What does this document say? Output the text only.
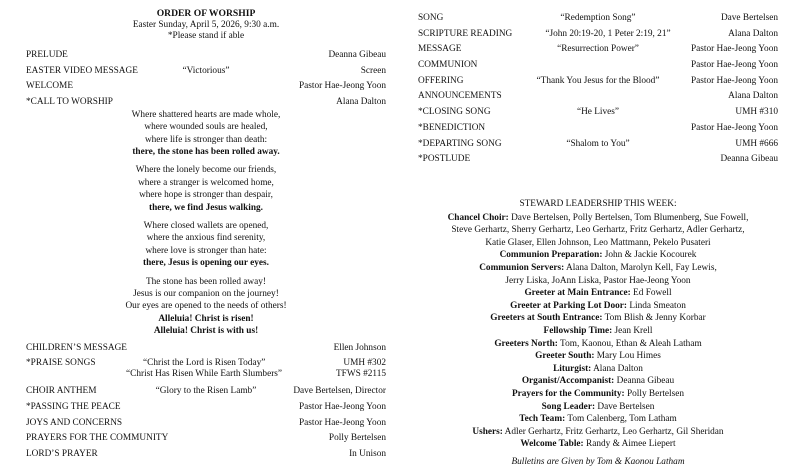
ORDER OF WORSHIP
Easter Sunday, April 5, 2026, 9:30 a.m.
*Please stand if able
PRELUDE	Deanna Gibeau
EASTER VIDEO MESSAGE	“Victorious”	Screen
WELCOME	Pastor Hae-Jeong Yoon
*CALL TO WORSHIP	Alana Dalton
Where shattered hearts are made whole,
where wounded souls are healed,
where life is stronger than death:
there, the stone has been rolled away.
Where the lonely become our friends,
where a stranger is welcomed home,
where hope is stronger than despair,
there, we find Jesus walking.
Where closed wallets are opened,
where the anxious find serenity,
where love is stronger than hate:
there, Jesus is opening our eyes.
The stone has been rolled away!
Jesus is our companion on the journey!
Our eyes are opened to the needs of others!
Alleluia! Christ is risen!
Alleluia! Christ is with us!
CHILDREN’S MESSAGE	Ellen Johnson
*PRAISE SONGS	“Christ the Lord is Risen Today”	UMH #302
“Christ Has Risen While Earth Slumbers”	TFWS #2115
CHOIR ANTHEM	“Glory to the Risen Lamb”	Dave Bertelsen, Director
*PASSING THE PEACE	Pastor Hae-Jeong Yoon
JOYS AND CONCERNS	Pastor Hae-Jeong Yoon
PRAYERS FOR THE COMMUNITY	Polly Bertelsen
LORD’S PRAYER	In Unison
SONG	“Redemption Song”	Dave Bertelsen
SCRIPTURE READING	“John 20:19-20, 1 Peter 2:19, 21”	Alana Dalton
MESSAGE	“Resurrection Power”	Pastor Hae-Jeong Yoon
COMMUNION	Pastor Hae-Jeong Yoon
OFFERING	“Thank You Jesus for the Blood”	Pastor Hae-Jeong Yoon
ANNOUNCEMENTS	Alana Dalton
*CLOSING SONG	“He Lives”	UMH #310
*BENEDICTION	Pastor Hae-Jeong Yoon
*DEPARTING SONG	“Shalom to You”	UMH #666
*POSTLUDE	Deanna Gibeau

STEWARD LEADERSHIP THIS WEEK:

Chancel Choir: Dave Bertelsen, Polly Bertelsen, Tom Blumenberg, Sue Fowell,

Steve Gerhartz, Sherry Gerhartz, Leo Gerhartz, Fritz Gerhartz, Adler Gerhartz,

Katie Glaser, Ellen Johnson, Leo Mattmann, Pekelo Pusateri

Communion Preparation: John & Jackie Kocourek

Communion Servers: Alana Dalton, Marolyn Kell, Fay Lewis,

Jerry Liska, JoAnn Liska, Pastor Hae-Jeong Yoon

Greeter at Main Entrance: Ed Fowell

Greeter at Parking Lot Door: Linda Smeaton

Greeters at South Entrance: Tom Blish & Jenny Korbar

Fellowship Time: Jean Krell

Greeters North: Tom, Kaonou, Ethan & Aleah Latham

Greeter South: Mary Lou Himes

Liturgist: Alana Dalton

Organist/Accompanist: Deanna Gibeau

Prayers for the Community: Polly Bertelsen

Song Leader: Dave Bertelsen

Tech Team: Tom Calenberg, Tom Latham

Ushers: Adler Gerhartz, Fritz Gerhartz, Leo Gerhartz, Gil Sheridan

Welcome Table: Randy & Aimee Liepert

Bulletins are Given by Tom & Kaonou Latham
